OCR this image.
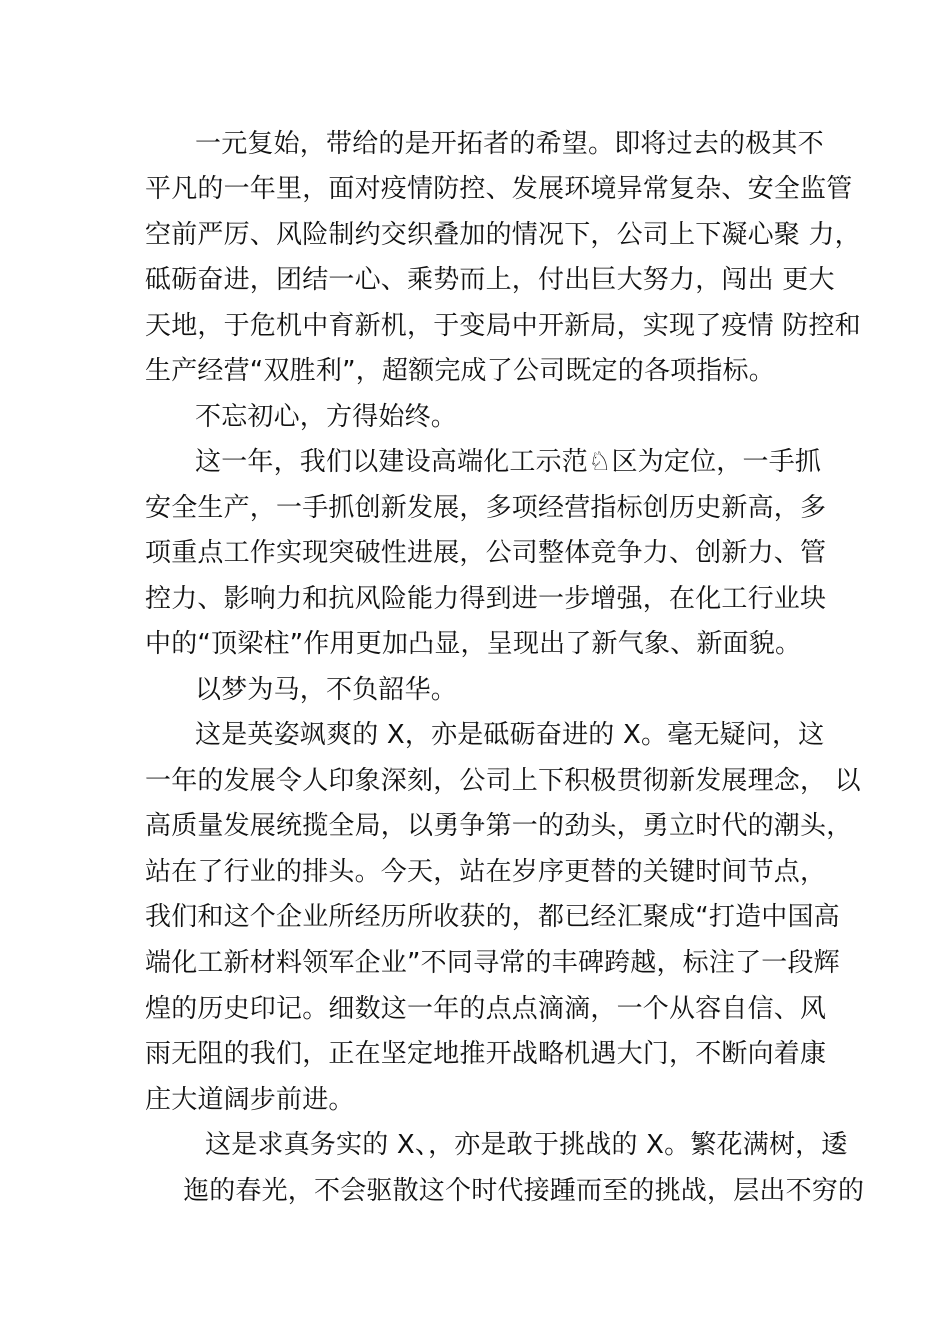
一元复始，带给的是开拓者的希望。即将过去的极其不
平凡的一年里，面对疫情防控、发展环境异常复杂、安全监管
空前严厉、风险制约交织叠加的情况下，公司上下凝心聚 力，
砥砺奋进，团结一心、乘势而上，付出巨大努力，闯出 更大
天地，于危机中育新机，于变局中开新局，实现了疫情 防控和
生产经营“双胜利”，超额完成了公司既定的各项指标。
不忘初心，方得始终。
这一年，我们以建设高端化工示范♘区为定位，一手抓
安全生产，一手抓创新发展，多项经营指标创历史新高，多
项重点工作实现突破性进展，公司整体竞争力、创新力、管
控力、影响力和抗风险能力得到进一步增强，在化工行业块
中的“顶梁柱”作用更加凸显，呈现出了新气象、新面貌。
以梦为马，不负韶华。
这是英姿飒爽的 X，亦是砥砺奋进的 X。毫无疑问，这
一年的发展令人印象深刻，公司上下积极贯彻新发展理念， 以
高质量发展统揽全局，以勇争第一的劲头，勇立时代的潮头，
站在了行业的排头。今天，站在岁序更替的关键时间节点，
我们和这个企业所经历所收获的，都已经汇聚成“打造中国高
端化工新材料领军企业”不同寻常的丰碑跨越，标注了一段辉
煌的历史印记。细数这一年的点点滴滴，一个从容自信、风
雨无阻的我们，正在坚定地推开战略机遇大门，不断向着康
庄大道阔步前进。
这是求真务实的 X、，亦是敢于挑战的 X。繁花满树，逶
迤的春光，不会驱散这个时代接踵而至的挑战，层出不穷的
